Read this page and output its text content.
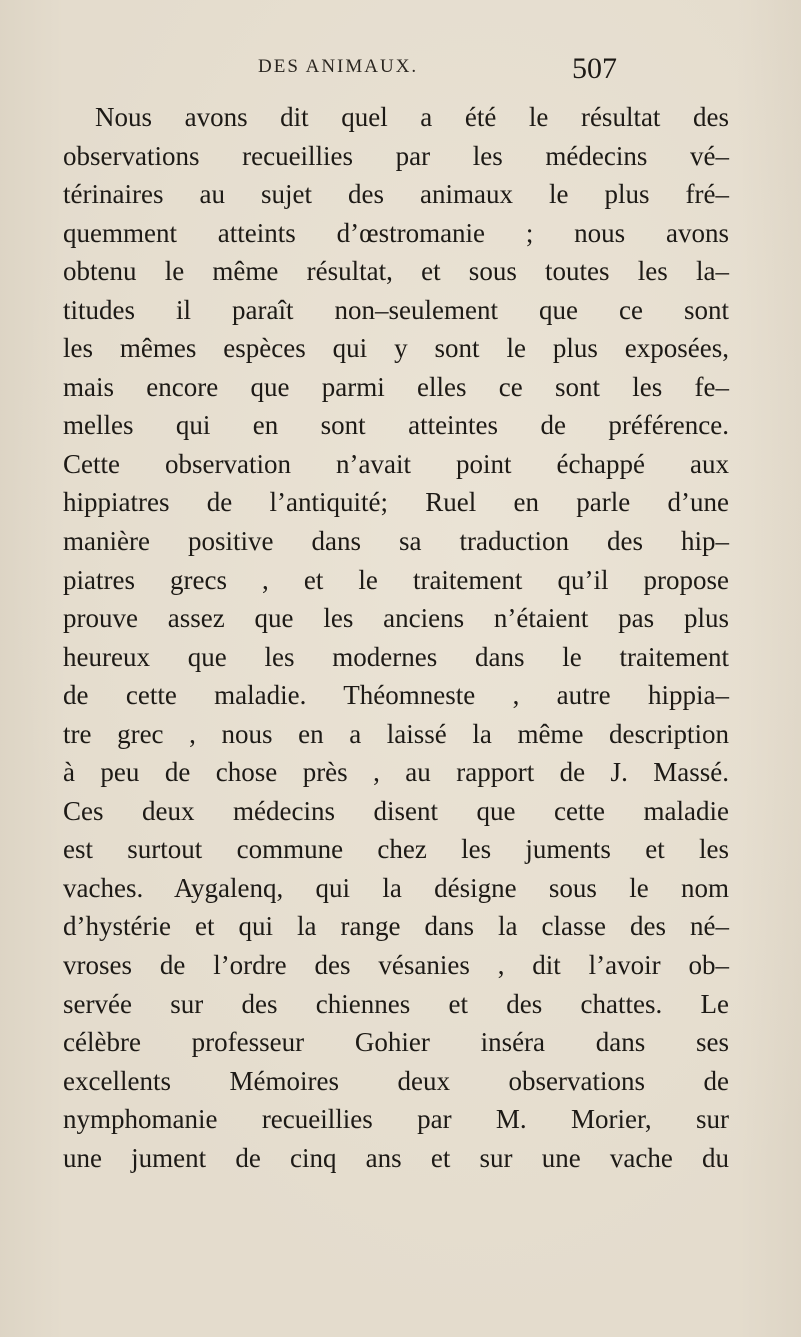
DES ANIMAUX.	507
Nous avons dit quel a été le résultat des
observations recueillies par les médecins vé–
térinaires au sujet des animaux le plus fré–
quemment atteints d’œstromanie ; nous avons
obtenu le même résultat, et sous toutes les la–
titudes il paraît non–seulement que ce sont
les mêmes espèces qui y sont le plus exposées,
mais encore que parmi elles ce sont les fe–
melles qui en sont atteintes de préférence.
Cette observation n’avait point échappé aux
hippiatres de l’antiquité; Ruel en parle d’une
manière positive dans sa traduction des hip–
piatres grecs , et le traitement qu’il propose
prouve assez que les anciens n’étaient pas plus
heureux que les modernes dans le traitement
de cette maladie. Théomneste , autre hippia–
tre grec , nous en a laissé la même description
à peu de chose près , au rapport de J. Massé.
Ces deux médecins disent que cette maladie
est surtout commune chez les juments et les
vaches. Aygalenq, qui la désigne sous le nom
d’hystérie et qui la range dans la classe des né–
vroses de l’ordre des vésanies , dit l’avoir ob–
servée sur des chiennes et des chattes. Le
célèbre professeur Gohier inséra dans ses
excellents Mémoires deux observations de
nymphomanie recueillies par M. Morier, sur
une jument de cinq ans et sur une vache du
